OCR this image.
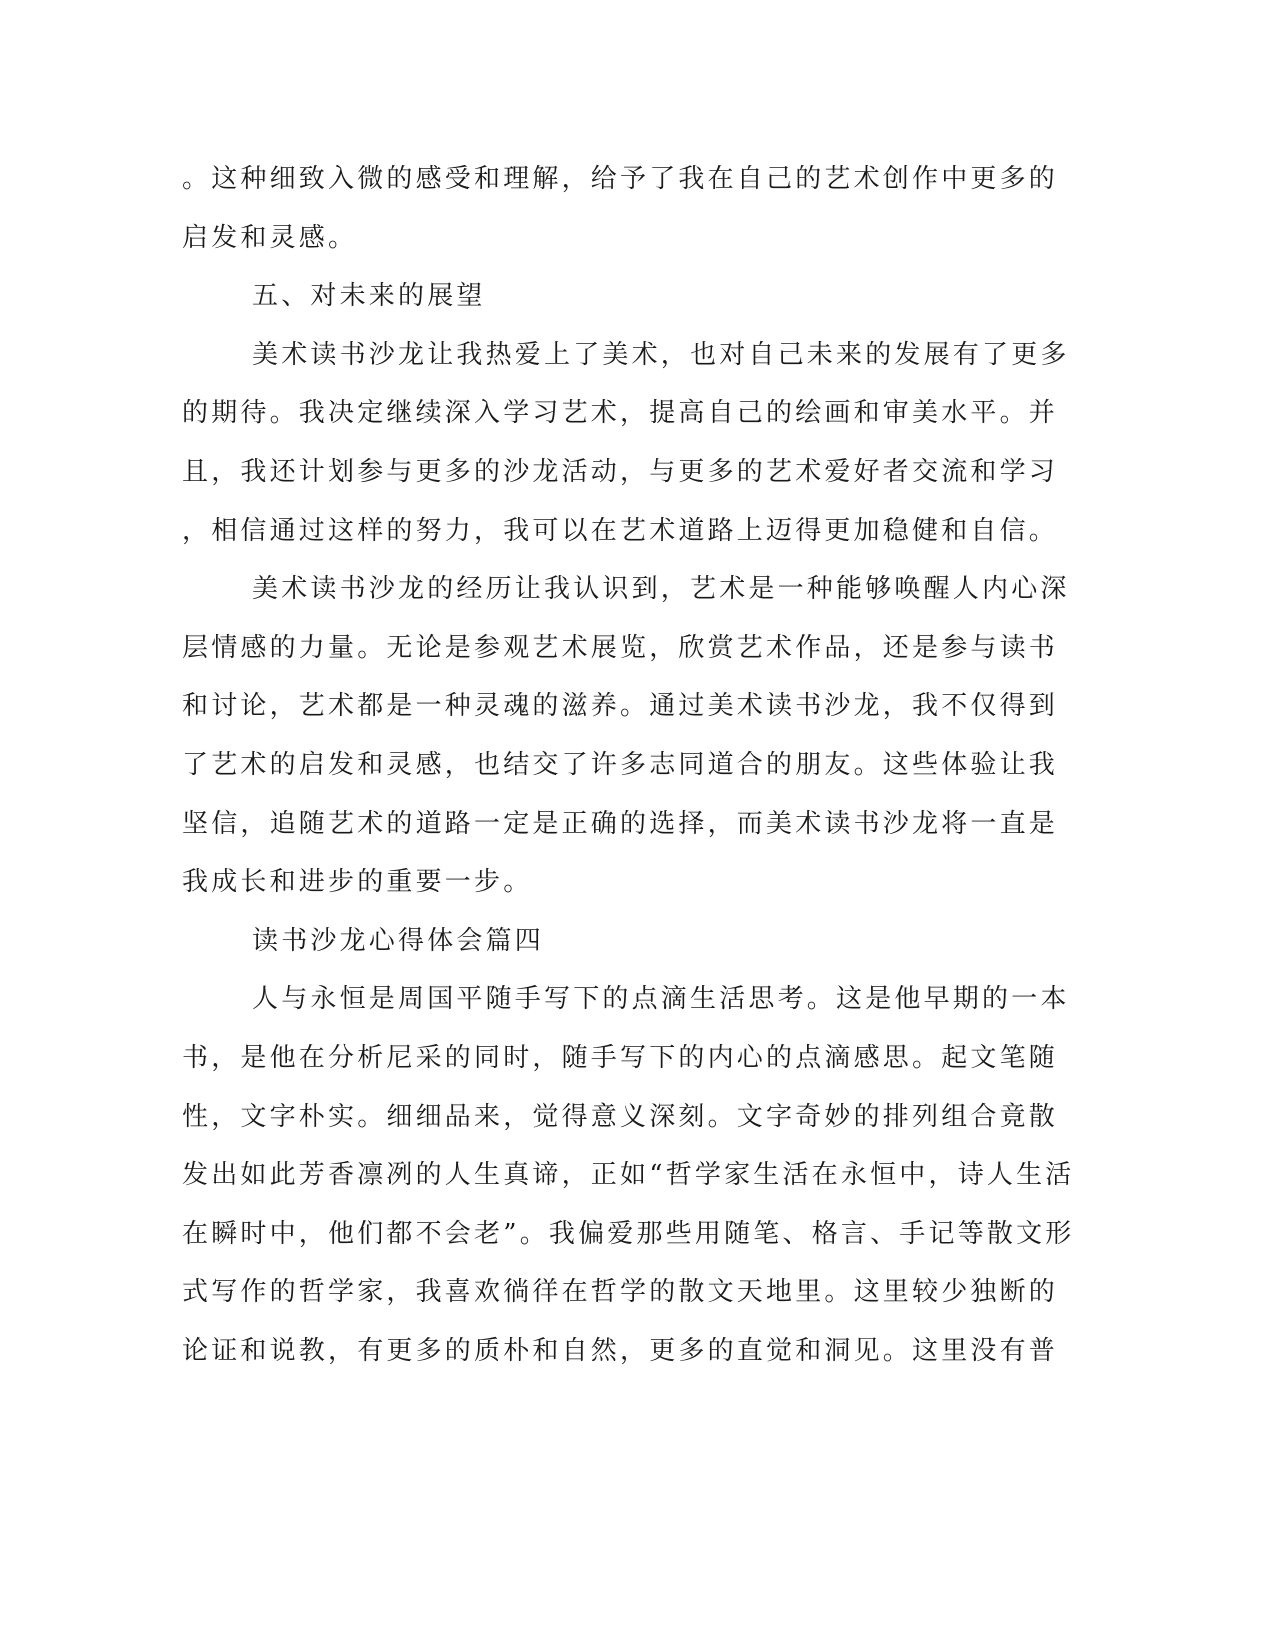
。这种细致入微的感受和理解，给予了我在自己的艺术创作中更多的
启发和灵感。
五、对未来的展望
美术读书沙龙让我热爱上了美术，也对自己未来的发展有了更多
的期待。我决定继续深入学习艺术，提高自己的绘画和审美水平。并
且，我还计划参与更多的沙龙活动，与更多的艺术爱好者交流和学习
，相信通过这样的努力，我可以在艺术道路上迈得更加稳健和自信。
美术读书沙龙的经历让我认识到，艺术是一种能够唤醒人内心深
层情感的力量。无论是参观艺术展览，欣赏艺术作品，还是参与读书
和讨论，艺术都是一种灵魂的滋养。通过美术读书沙龙，我不仅得到
了艺术的启发和灵感，也结交了许多志同道合的朋友。这些体验让我
坚信，追随艺术的道路一定是正确的选择，而美术读书沙龙将一直是
我成长和进步的重要一步。
读书沙龙心得体会篇四
人与永恒是周国平随手写下的点滴生活思考。这是他早期的一本
书，是他在分析尼采的同时，随手写下的内心的点滴感思。起文笔随
性，文字朴实。细细品来，觉得意义深刻。文字奇妙的排列组合竟散
发出如此芳香凛冽的人生真谛，正如“哲学家生活在永恒中，诗人生活
在瞬时中，他们都不会老”。我偏爱那些用随笔、格言、手记等散文形
式写作的哲学家，我喜欢徜徉在哲学的散文天地里。这里较少独断的
论证和说教，有更多的质朴和自然，更多的直觉和洞见。这里没有普
